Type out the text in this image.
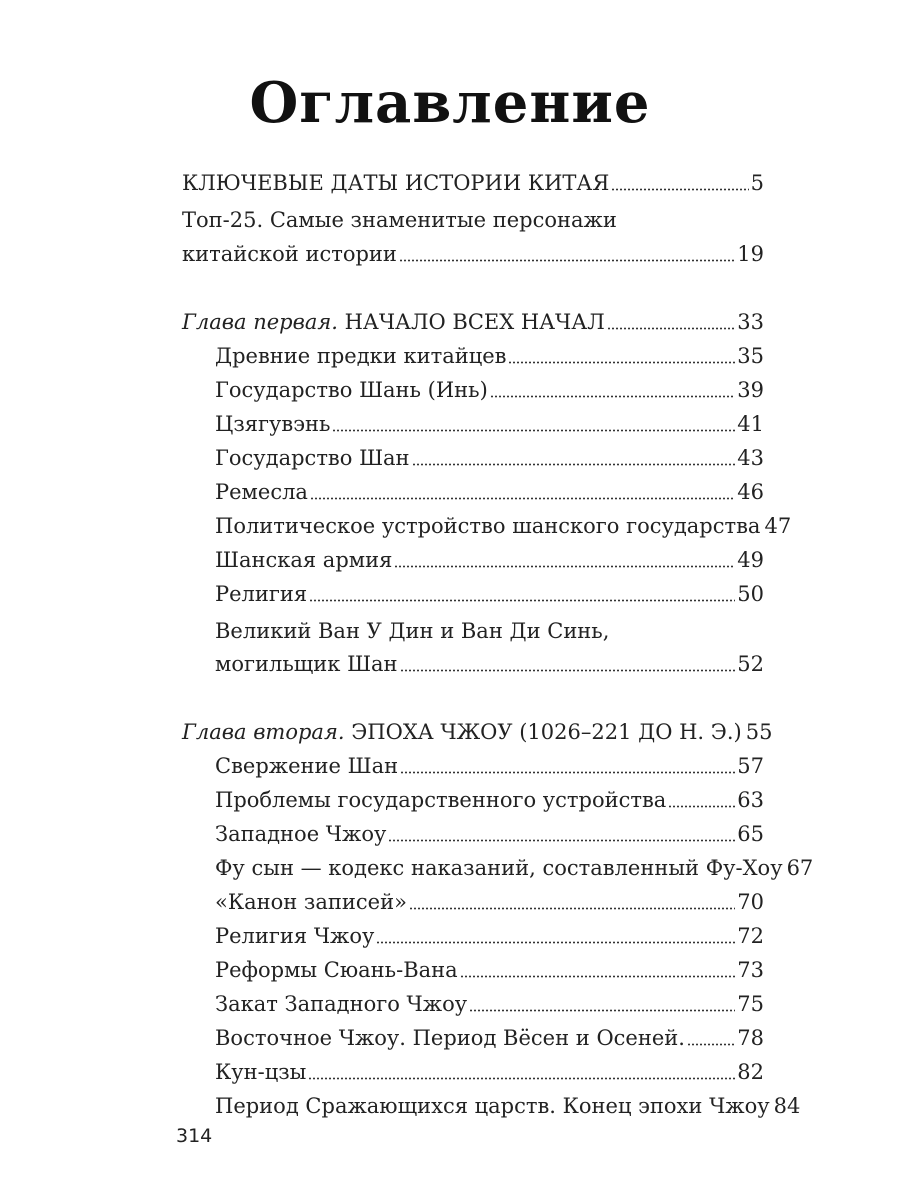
Оглавление
КЛЮЧЕВЫЕ ДАТЫ ИСТОРИИ КИТАЯ	5
Топ-25. Самые знаменитые персонажи
китайской истории	19
Глава первая. НАЧАЛО ВСЕХ НАЧАЛ	33
Древние предки китайцев	35
Государство Шань (Инь)	39
Цзягувэнь	41
Государство Шан	43
Ремесла	46
Политическое устройство шанского государства 47
Шанская армия	49
Религия	50
Великий Ван У Дин и Ван Ди Синь,
могильщик Шан	52
Глава вторая. ЭПОХА ЧЖОУ (1026–221 ДО Н. Э.) 55
Свержение Шан	57
Проблемы государственного устройства	63
Западное Чжоу	65
Фу сын — кодекс наказаний, составленный Фу-Хоу 67
«Канон записей»	70
Религия Чжоу	72
Реформы Сюань-Вана	73
Закат Западного Чжоу	75
Восточное Чжоу. Период Вёсен и Осеней. 78
Кун-цзы	82
Период Сражающихся царств. Конец эпохи Чжоу 84
314
